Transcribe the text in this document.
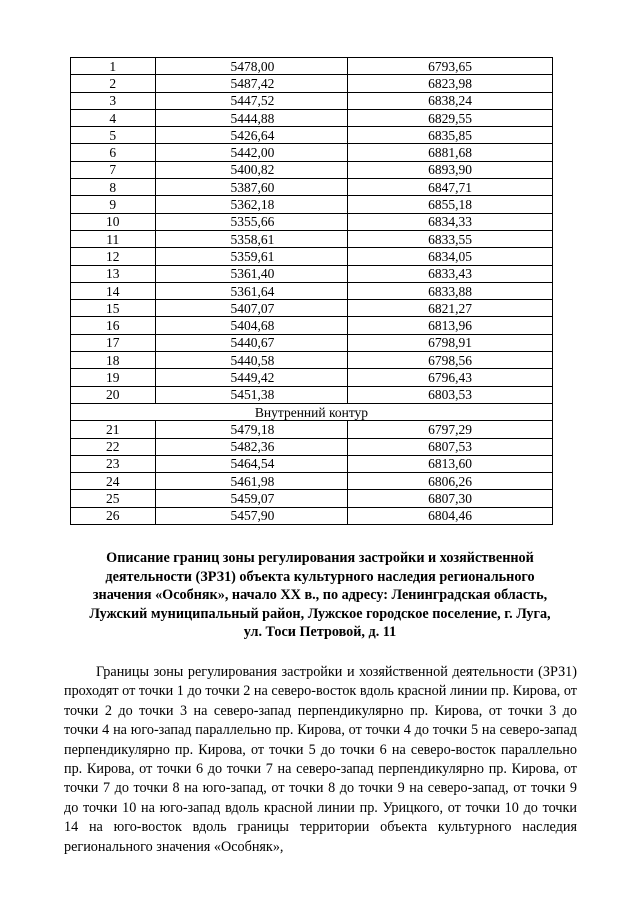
1	5478,00	6793,65
2	5487,42	6823,98
3	5447,52	6838,24
4	5444,88	6829,55
5	5426,64	6835,85
6	5442,00	6881,68
7	5400,82	6893,90
8	5387,60	6847,71
9	5362,18	6855,18
10	5355,66	6834,33
11	5358,61	6833,55
12	5359,61	6834,05
13	5361,40	6833,43
14	5361,64	6833,88
15	5407,07	6821,27
16	5404,68	6813,96
17	5440,67	6798,91
18	5440,58	6798,56
19	5449,42	6796,43
20	5451,38	6803,53
Внутренний контур		
21	5479,18	6797,29
22	5482,36	6807,53
23	5464,54	6813,60
24	5461,98	6806,26
25	5459,07	6807,30
26	5457,90	6804,46
Описание границ зоны регулирования застройки и хозяйственной
деятельности (ЗРЗ1) объекта культурного наследия регионального
значения «Особняк», начало XX в., по адресу: Ленинградская область,
Лужский муниципальный район, Лужское городское поселение, г. Луга,
ул. Тоси Петровой, д. 11

Границы зоны регулирования застройки и хозяйственной деятельности (ЗРЗ1) проходят от точки 1 до точки 2 на северо-восток вдоль красной линии пр. Кирова, от точки 2 до точки 3 на северо-запад перпендикулярно пр. Кирова, от точки 3 до точки 4 на юго-запад параллельно пр. Кирова, от точки 4 до точки 5 на северо-запад перпендикулярно пр. Кирова, от точки 5 до точки 6 на северо-восток параллельно пр. Кирова, от точки 6 до точки 7 на северо-запад перпендикулярно пр. Кирова, от точки 7 до точки 8 на юго-запад, от точки 8 до точки 9 на северо-запад, от точки 9 до точки 10 на юго-запад вдоль красной линии пр. Урицкого, от точки 10 до точки 14 на юго-восток вдоль границы территории объекта культурного наследия регионального значения «Особняк»,
